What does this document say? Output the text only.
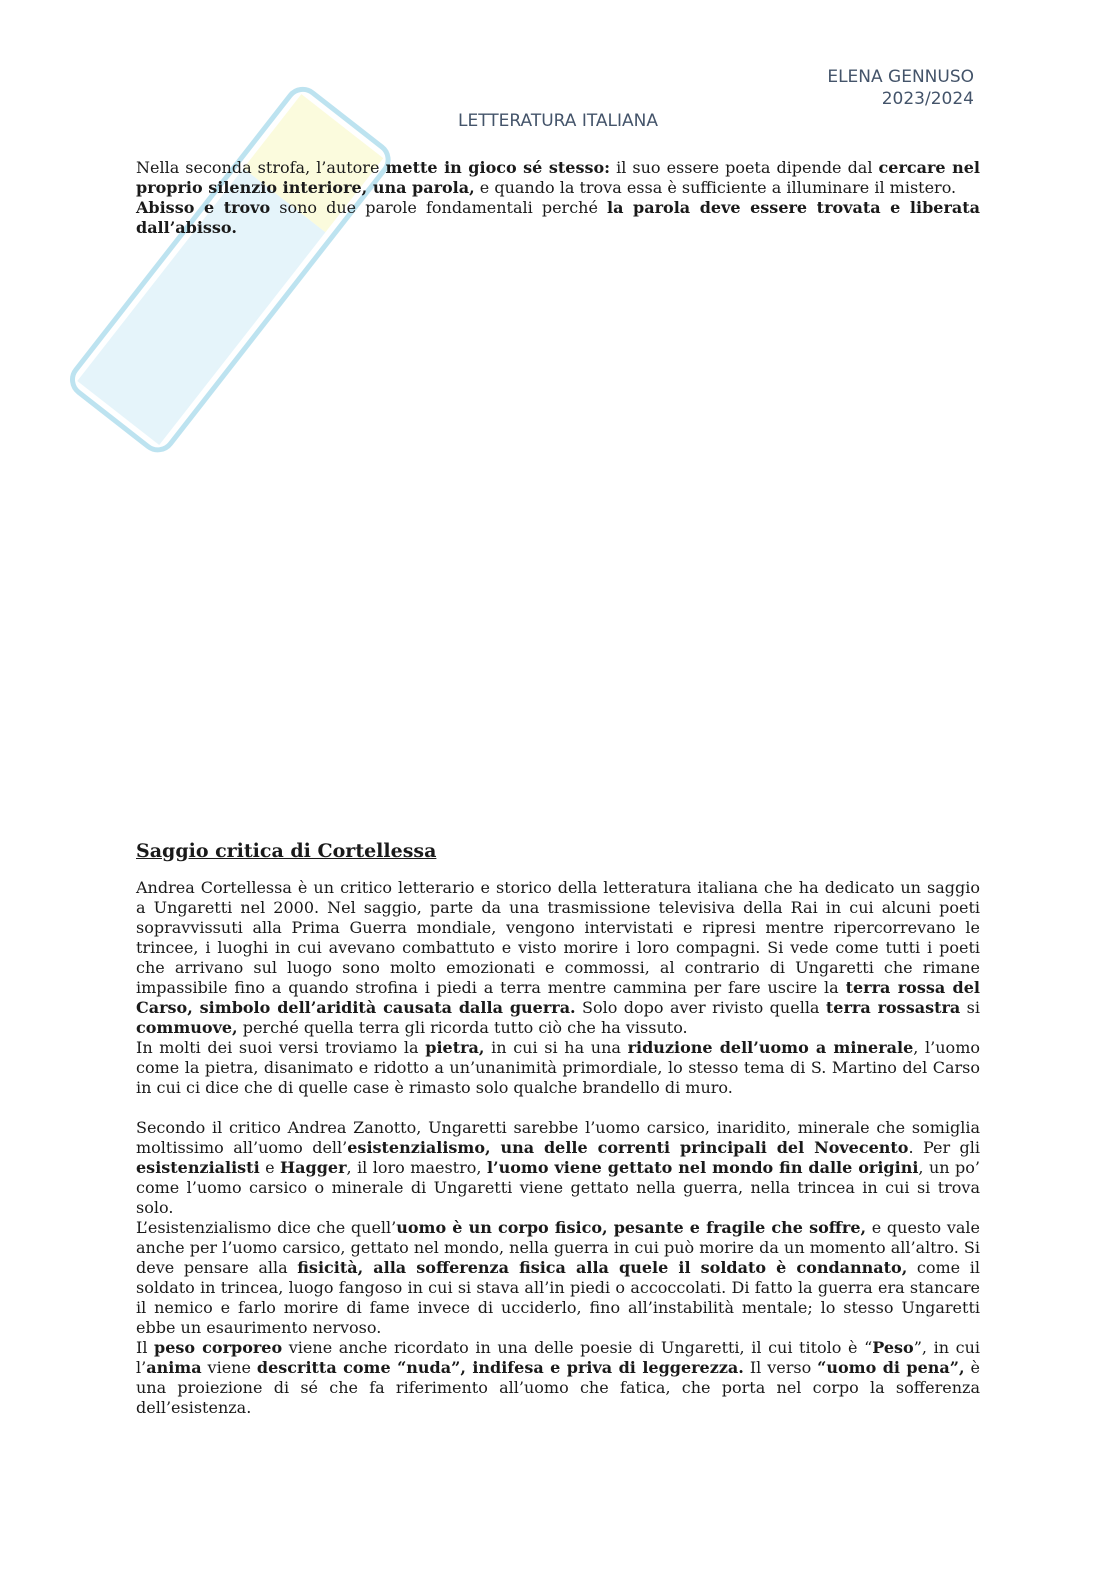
ELENA GENNUSO
2023/2024
LETTERATURA ITALIANA

Nella seconda strofa, l’autore mette in gioco sé stesso: il suo essere poeta dipende dal cercare nel proprio silenzio interiore, una parola, e quando la trova essa è sufficiente a illuminare il mistero.

Abisso e trovo sono due parole fondamentali perché la parola deve essere trovata e liberata dall’abisso.

Saggio critica di Cortellessa

Andrea Cortellessa è un critico letterario e storico della letteratura italiana che ha dedicato un saggio a Ungaretti nel 2000. Nel saggio, parte da una trasmissione televisiva della Rai in cui alcuni poeti sopravvissuti alla Prima Guerra mondiale, vengono intervistati e ripresi mentre ripercorrevano le trincee, i luoghi in cui avevano combattuto e visto morire i loro compagni. Si vede come tutti i poeti che arrivano sul luogo sono molto emozionati e commossi, al contrario di Ungaretti che rimane impassibile fino a quando strofina i piedi a terra mentre cammina per fare uscire la terra rossa del Carso, simbolo dell’aridità causata dalla guerra. Solo dopo aver rivisto quella terra rossastra si commuove, perché quella terra gli ricorda tutto ciò che ha vissuto.

In molti dei suoi versi troviamo la pietra, in cui si ha una riduzione dell’uomo a minerale, l’uomo come la pietra, disanimato e ridotto a un’unanimità primordiale, lo stesso tema di S. Martino del Carso in cui ci dice che di quelle case è rimasto solo qualche brandello di muro.

Secondo il critico Andrea Zanotto, Ungaretti sarebbe l’uomo carsico, inaridito, minerale che somiglia moltissimo all’uomo dell’esistenzialismo, una delle correnti principali del Novecento. Per gli esistenzialisti e Hagger, il loro maestro, l’uomo viene gettato nel mondo fin dalle origini, un po’ come l’uomo carsico o minerale di Ungaretti viene gettato nella guerra, nella trincea in cui si trova solo.

L’esistenzialismo dice che quell’uomo è un corpo fisico, pesante e fragile che soffre, e questo vale anche per l’uomo carsico, gettato nel mondo, nella guerra in cui può morire da un momento all’altro. Si deve pensare alla fisicità, alla sofferenza fisica alla quele il soldato è condannato, come il soldato in trincea, luogo fangoso in cui si stava all’in piedi o accoccolati. Di fatto la guerra era stancare il nemico e farlo morire di fame invece di ucciderlo, fino all’instabilità mentale; lo stesso Ungaretti ebbe un esaurimento nervoso.

Il peso corporeo viene anche ricordato in una delle poesie di Ungaretti, il cui titolo è “Peso”, in cui l’anima viene descritta come “nuda”, indifesa e priva di leggerezza. Il verso “uomo di pena”, è una proiezione di sé che fa riferimento all’uomo che fatica, che porta nel corpo la sofferenza dell’esistenza.
